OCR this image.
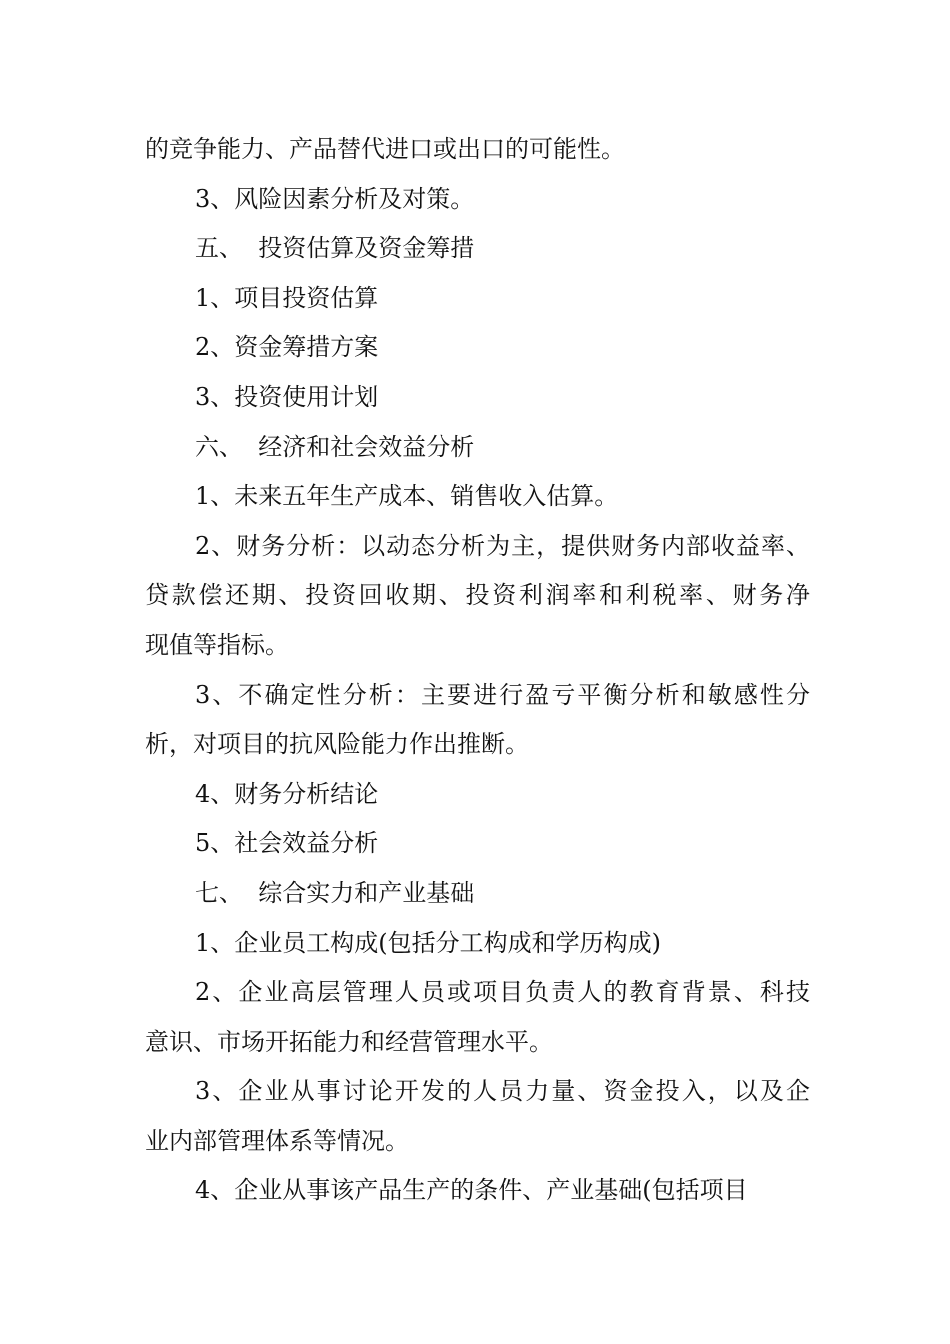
的竞争能力、产品替代进口或出口的可能性。
3、风险因素分析及对策。
五、  投资估算及资金筹措
1、项目投资估算
2、资金筹措方案
3、投资使用计划
六、  经济和社会效益分析
1、未来五年生产成本、销售收入估算。
2、财务分析：以动态分析为主，提供财务内部收益率、
贷款偿还期、投资回收期、投资利润率和利税率、财务净
现值等指标。
3、不确定性分析：主要进行盈亏平衡分析和敏感性分
析，对项目的抗风险能力作出推断。
4、财务分析结论
5、社会效益分析
七、  综合实力和产业基础
1、企业员工构成(包括分工构成和学历构成)
2、企业高层管理人员或项目负责人的教育背景、科技
意识、市场开拓能力和经营管理水平。
3、企业从事讨论开发的人员力量、资金投入，以及企
业内部管理体系等情况。
4、企业从事该产品生产的条件、产业基础(包括项目
